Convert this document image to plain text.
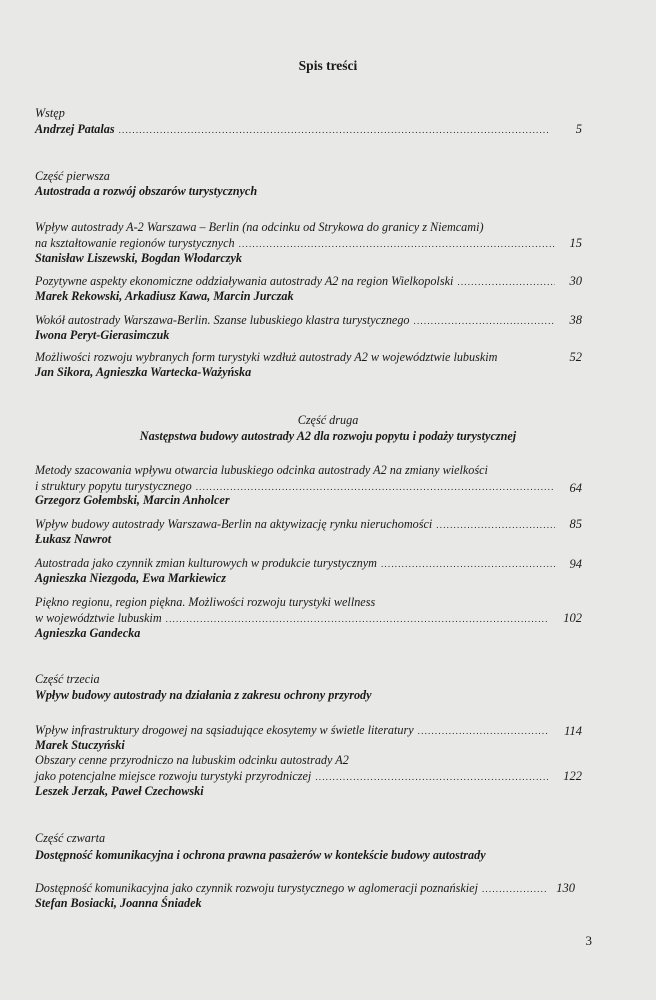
Spis treści
Wstęp
Andrzej Patalas .....	5
Część pierwsza
Autostrada a rozwój obszarów turystycznych
Wpływ autostrady A-2 Warszawa – Berlin (na odcinku od Strykowa do granicy z Niemcami)
na kształtowanie regionów turystycznych .....	15
Stanisław Liszewski, Bogdan Włodarczyk
Pozytywne aspekty ekonomiczne oddziaływania autostrady A2 na region Wielkopolski .....	30
Marek Rekowski, Arkadiusz Kawa, Marcin Jurczak
Wokół autostrady Warszawa-Berlin. Szanse lubuskiego klastra turystycznego .....	38
Iwona Peryt-Gierasimczuk
Możliwości rozwoju wybranych form turystyki wzdłuż autostrady A2 w województwie lubuskim	52
Jan Sikora, Agnieszka Wartecka-Ważyńska
Część druga
Następstwa budowy autostrady A2 dla rozwoju popytu i podaży turystycznej
Metody szacowania wpływu otwarcia lubuskiego odcinka autostrady A2 na zmiany wielkości
i struktury popytu turystycznego .....	64
Grzegorz Gołembski, Marcin Anholcer
Wpływ budowy autostrady Warszawa-Berlin na aktywizację rynku nieruchomości .....	85
Łukasz Nawrot
Autostrada jako czynnik zmian kulturowych w produkcie turystycznym .....	94
Agnieszka Niezgoda, Ewa Markiewicz
Piękno regionu, region piękna. Możliwości rozwoju turystyki wellness
w województwie lubuskim .....	102
Agnieszka Gandecka
Część trzecia
Wpływ budowy autostrady na działania z zakresu ochrony przyrody
Wpływ infrastruktury drogowej na sąsiadujące ekosytemy w świetle literatury .....	114
Marek Stuczyński
Obszary cenne przyrodniczo na lubuskim odcinku autostrady A2
jako potencjalne miejsce rozwoju turystyki przyrodniczej .....	122
Leszek Jerzak, Paweł Czechowski
Część czwarta
Dostępność komunikacyjna i ochrona prawna pasażerów w kontekście budowy autostrady
Dostępność komunikacyjna jako czynnik rozwoju turystycznego w aglomeracji poznańskiej .....	130
Stefan Bosiacki, Joanna Śniadek
3
